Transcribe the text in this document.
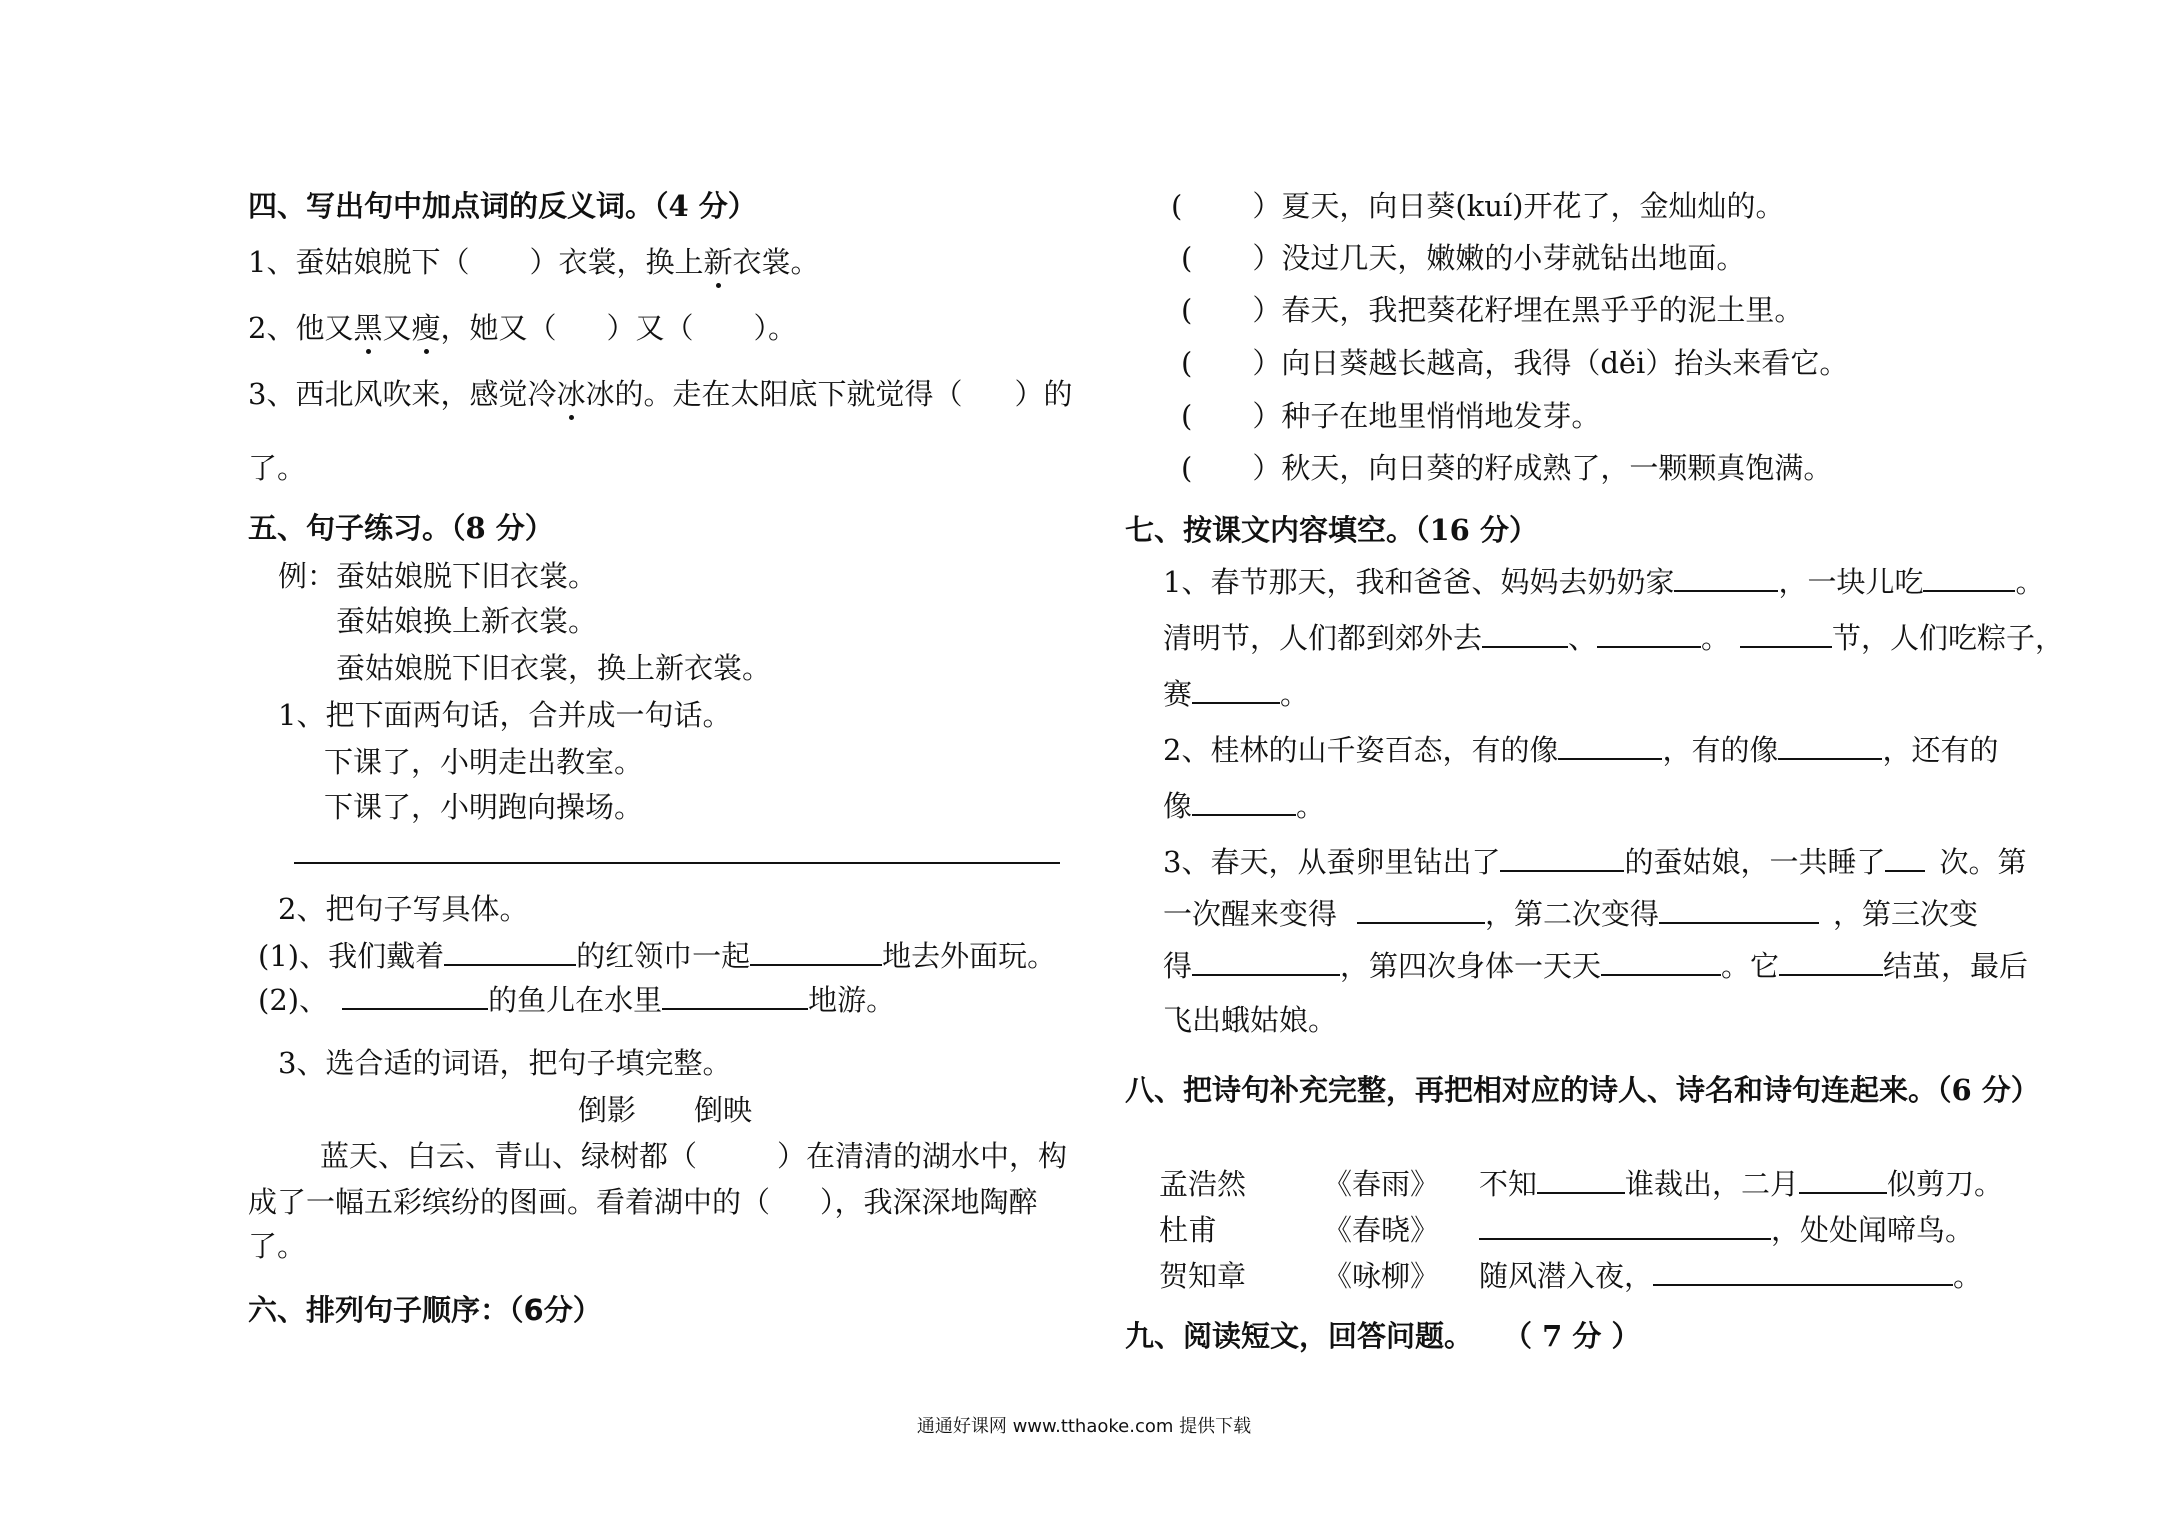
四、写出句中加点词的反义词。（4 分）
1、蚕姑娘脱下（ ）衣裳，换上新衣裳。
2、他又黑又瘦，她又（ ）又（ ）。
3、西北风吹来，感觉冷冰冰的。走在太阳底下就觉得（ ）的
了。
五、句子练习。（8 分）
例：蚕姑娘脱下旧衣裳。
蚕姑娘换上新衣裳。
蚕姑娘脱下旧衣裳，换上新衣裳。
1、把下面两句话，合并成一句话。
下课了，小明走出教室。
下课了，小明跑向操场。
2、把句子写具体。
(1)、我们戴着	的红领巾一起	地去外面玩。
(2)、	的鱼儿在水里	地游。
3、选合适的词语，把句子填完整。
倒影　　倒映
蓝天、白云、青山、绿树都（	）在清清的湖水中，构
成了一幅五彩缤纷的图画。看着湖中的（ ），我深深地陶醉
了。
六、排列句子顺序：（6分）
( ）夏天，向日葵(kuí)开花了，金灿灿的。
( ）没过几天，嫩嫩的小芽就钻出地面。
( ）春天，我把葵花籽埋在黑乎乎的泥土里。
( ）向日葵越长越高，我得（děi）抬头来看它。
( ）种子在地里悄悄地发芽。
( ）秋天，向日葵的籽成熟了，一颗颗真饱满。
七、按课文内容填空。（16 分）
1、春节那天，我和爸爸、妈妈去奶奶家	，一块儿吃	。
清明节，人们都到郊外去	、	。	节，人们吃粽子，
赛	。
2、桂林的山千姿百态，有的像	，有的像	，还有的
像	。
3、春天，从蚕卵里钻出了	的蚕姑娘，一共睡了 次。第
一次醒来变得	，第二次变得	，第三次变
得	，第四次身体一天天	。它	结茧，最后
飞出蛾姑娘。
八、把诗句补充完整，再把相对应的诗人、诗名和诗句连起来。（6 分）
孟浩然	《春雨》 不知	谁裁出，二月	似剪刀。
杜甫	《春晓》	，处处闻啼鸟。
贺知章	《咏柳》 随风潜入夜，	。
九、阅读短文，回答问题。 （ 7 分 ）
通通好课网 www.tthaoke.com 提供下载
